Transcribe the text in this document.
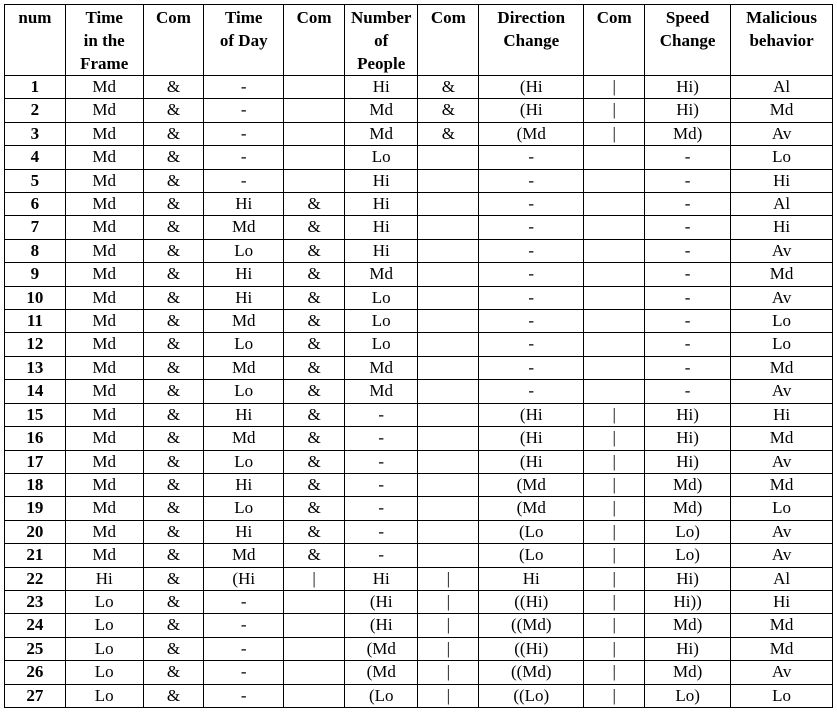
num	Time
in the
Frame	Com	Time
of Day	Com	Number
of
People	Com	Direction
Change	Com	Speed
Change	Malicious
behavior
1	Md	&	-		Hi	&	(Hi	|	Hi)	Al
2	Md	&	-		Md	&	(Hi	|	Hi)	Md
3	Md	&	-		Md	&	(Md	|	Md)	Av
4	Md	&	-		Lo		-		-	Lo
5	Md	&	-		Hi		-		-	Hi
6	Md	&	Hi	&	Hi		-		-	Al
7	Md	&	Md	&	Hi		-		-	Hi
8	Md	&	Lo	&	Hi		-		-	Av
9	Md	&	Hi	&	Md		-		-	Md
10	Md	&	Hi	&	Lo		-		-	Av
11	Md	&	Md	&	Lo		-		-	Lo
12	Md	&	Lo	&	Lo		-		-	Lo
13	Md	&	Md	&	Md		-		-	Md
14	Md	&	Lo	&	Md		-		-	Av
15	Md	&	Hi	&	-		(Hi	|	Hi)	Hi
16	Md	&	Md	&	-		(Hi	|	Hi)	Md
17	Md	&	Lo	&	-		(Hi	|	Hi)	Av
18	Md	&	Hi	&	-		(Md	|	Md)	Md
19	Md	&	Lo	&	-		(Md	|	Md)	Lo
20	Md	&	Hi	&	-		(Lo	|	Lo)	Av
21	Md	&	Md	&	-		(Lo	|	Lo)	Av
22	Hi	&	(Hi	|	Hi	|	Hi	|	Hi)	Al
23	Lo	&	-		(Hi	|	((Hi)	|	Hi))	Hi
24	Lo	&	-		(Hi	|	((Md)	|	Md)	Md
25	Lo	&	-		(Md	|	((Hi)	|	Hi)	Md
26	Lo	&	-		(Md	|	((Md)	|	Md)	Av
27	Lo	&	-		(Lo	|	((Lo)	|	Lo)	Lo
